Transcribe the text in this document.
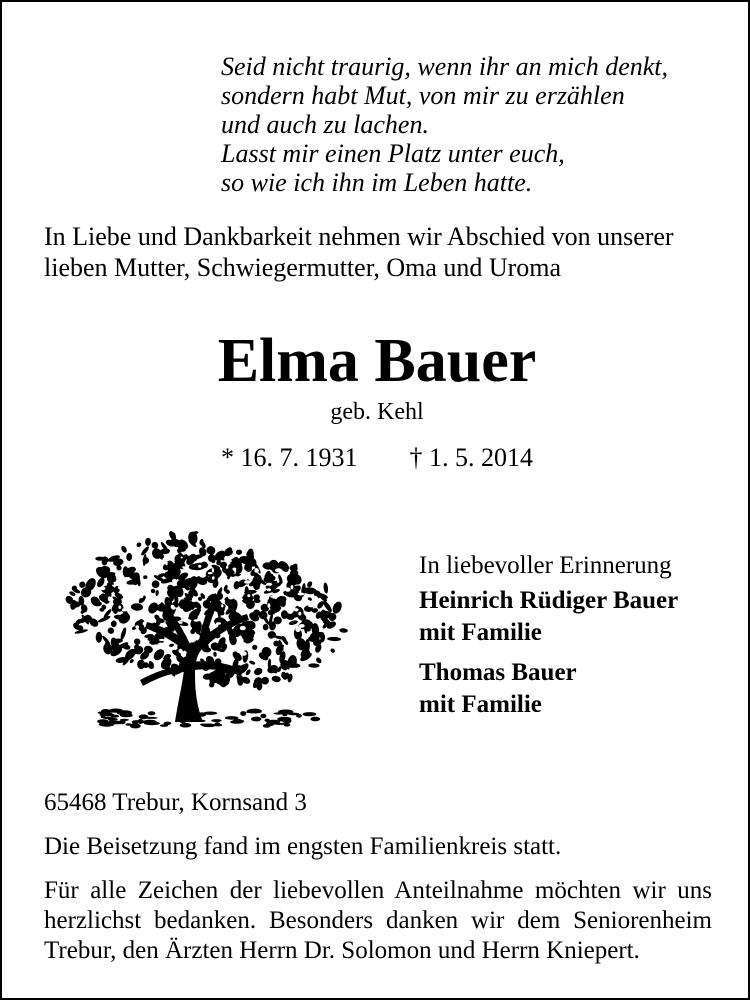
Seid nicht traurig, wenn ihr an mich denkt,
sondern habt Mut, von mir zu erzählen
und auch zu lachen.
Lasst mir einen Platz unter euch,
so wie ich ihn im Leben hatte.
In Liebe und Dankbarkeit nehmen wir Abschied von unserer
lieben Mutter, Schwiegermutter, Oma und Uroma
Elma Bauer
geb. Kehl
* 16. 7. 1931 † 1. 5. 2014
In liebevoller Erinnerung
Heinrich Rüdiger Bauer
mit Familie
Thomas Bauer
mit Familie
65468 Trebur, Kornsand 3
Die Beisetzung fand im engsten Familienkreis statt.
Für alle Zeichen der liebevollen Anteilnahme möchten wir uns
herzlichst bedanken. Besonders danken wir dem Seniorenheim
Trebur, den Ärzten Herrn Dr. Solomon und Herrn Kniepert.
